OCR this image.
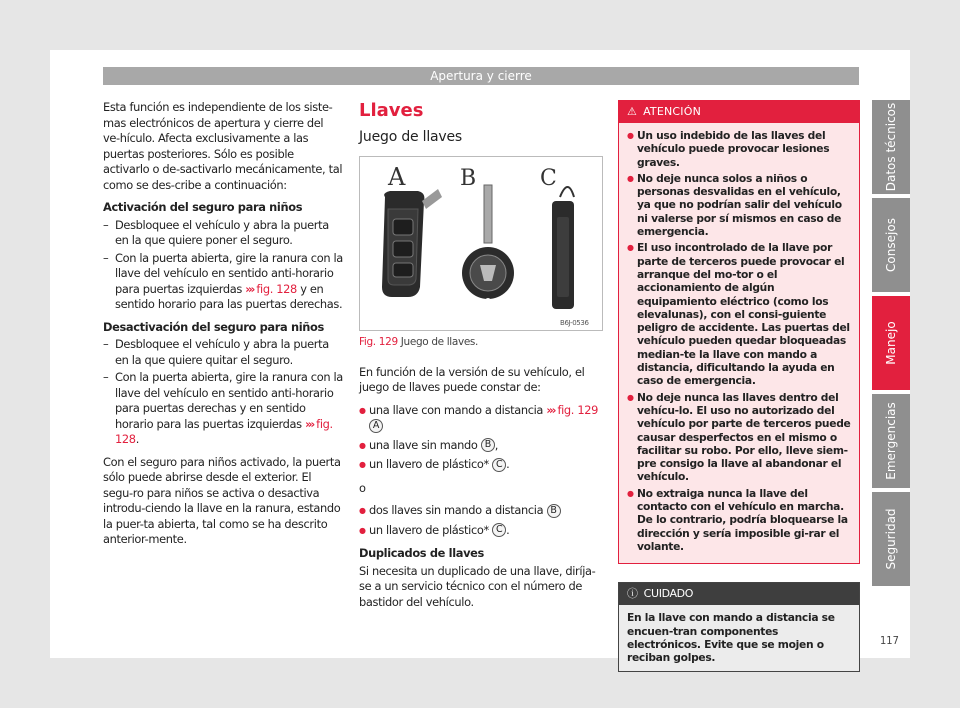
Apertura y cierre

Esta función es independiente de los siste-mas electrónicos de apertura y cierre del ve-hículo. Afecta exclusivamente a las puertas posteriores. Sólo es posible activarlo o de-sactivarlo mecánicamente, tal como se des-cribe a continuación:

Activación del seguro para niños

– Desbloquee el vehículo y abra la puerta en la que quiere poner el seguro.
– Con la puerta abierta, gire la ranura con la llave del vehículo en sentido anti-horario para puertas izquierdas ››› fig. 128 y en sentido horario para las puertas derechas.

Desactivación del seguro para niños

– Desbloquee el vehículo y abra la puerta en la que quiere quitar el seguro.
– Con la puerta abierta, gire la ranura con la llave del vehículo en sentido anti-horario para puertas derechas y en sentido horario para las puertas izquierdas ››› fig. 128.

Con el seguro para niños activado, la puerta sólo puede abrirse desde el exterior. El segu-ro para niños se activa o desactiva introdu-ciendo la llave en la ranura, estando la puer-ta abierta, tal como se ha descrito anterior-mente.

Llaves
Juego de llaves
A	B	C
B6J-0536
Fig. 129 Juego de llaves.

En función de la versión de su vehículo, el juego de llaves puede constar de:

● una llave con mando a distancia ››› fig. 129 A
● una llave sin mando B ,
● un llavero de plástico* C .

o

● dos llaves sin mando a distancia B
● un llavero de plástico* C .

Duplicados de llaves

Si necesita un duplicado de una llave, diríja-se a un servicio técnico con el número de bastidor del vehículo.

⚠ ATENCIÓN
● Un uso indebido de las llaves del vehículo puede provocar lesiones graves.
● No deje nunca solos a niños o personas desvalidas en el vehículo, ya que no podrían salir del vehículo ni valerse por sí mismos en caso de emergencia.
● El uso incontrolado de la llave por parte de terceros puede provocar el arranque del mo-tor o el accionamiento de algún equipamiento eléctrico (como los elevalunas), con el consi-guiente peligro de accidente. Las puertas del vehículo pueden quedar bloqueadas median-te la llave con mando a distancia, dificultando la ayuda en caso de emergencia.
● No deje nunca las llaves dentro del vehícu-lo. El uso no autorizado del vehículo por parte de terceros puede causar desperfectos en el mismo o facilitar su robo. Por ello, lleve siem-pre consigo la llave al abandonar el vehículo.
● No extraiga nunca la llave del contacto con el vehículo en marcha. De lo contrario, podría bloquearse la dirección y sería imposible gi-rar el volante.
ⓘ CUIDADO
En la llave con mando a distancia se encuen-tran componentes electrónicos. Evite que se mojen o reciban golpes.
Datos técnicos
Consejos
Manejo
Emergencias
Seguridad
117
